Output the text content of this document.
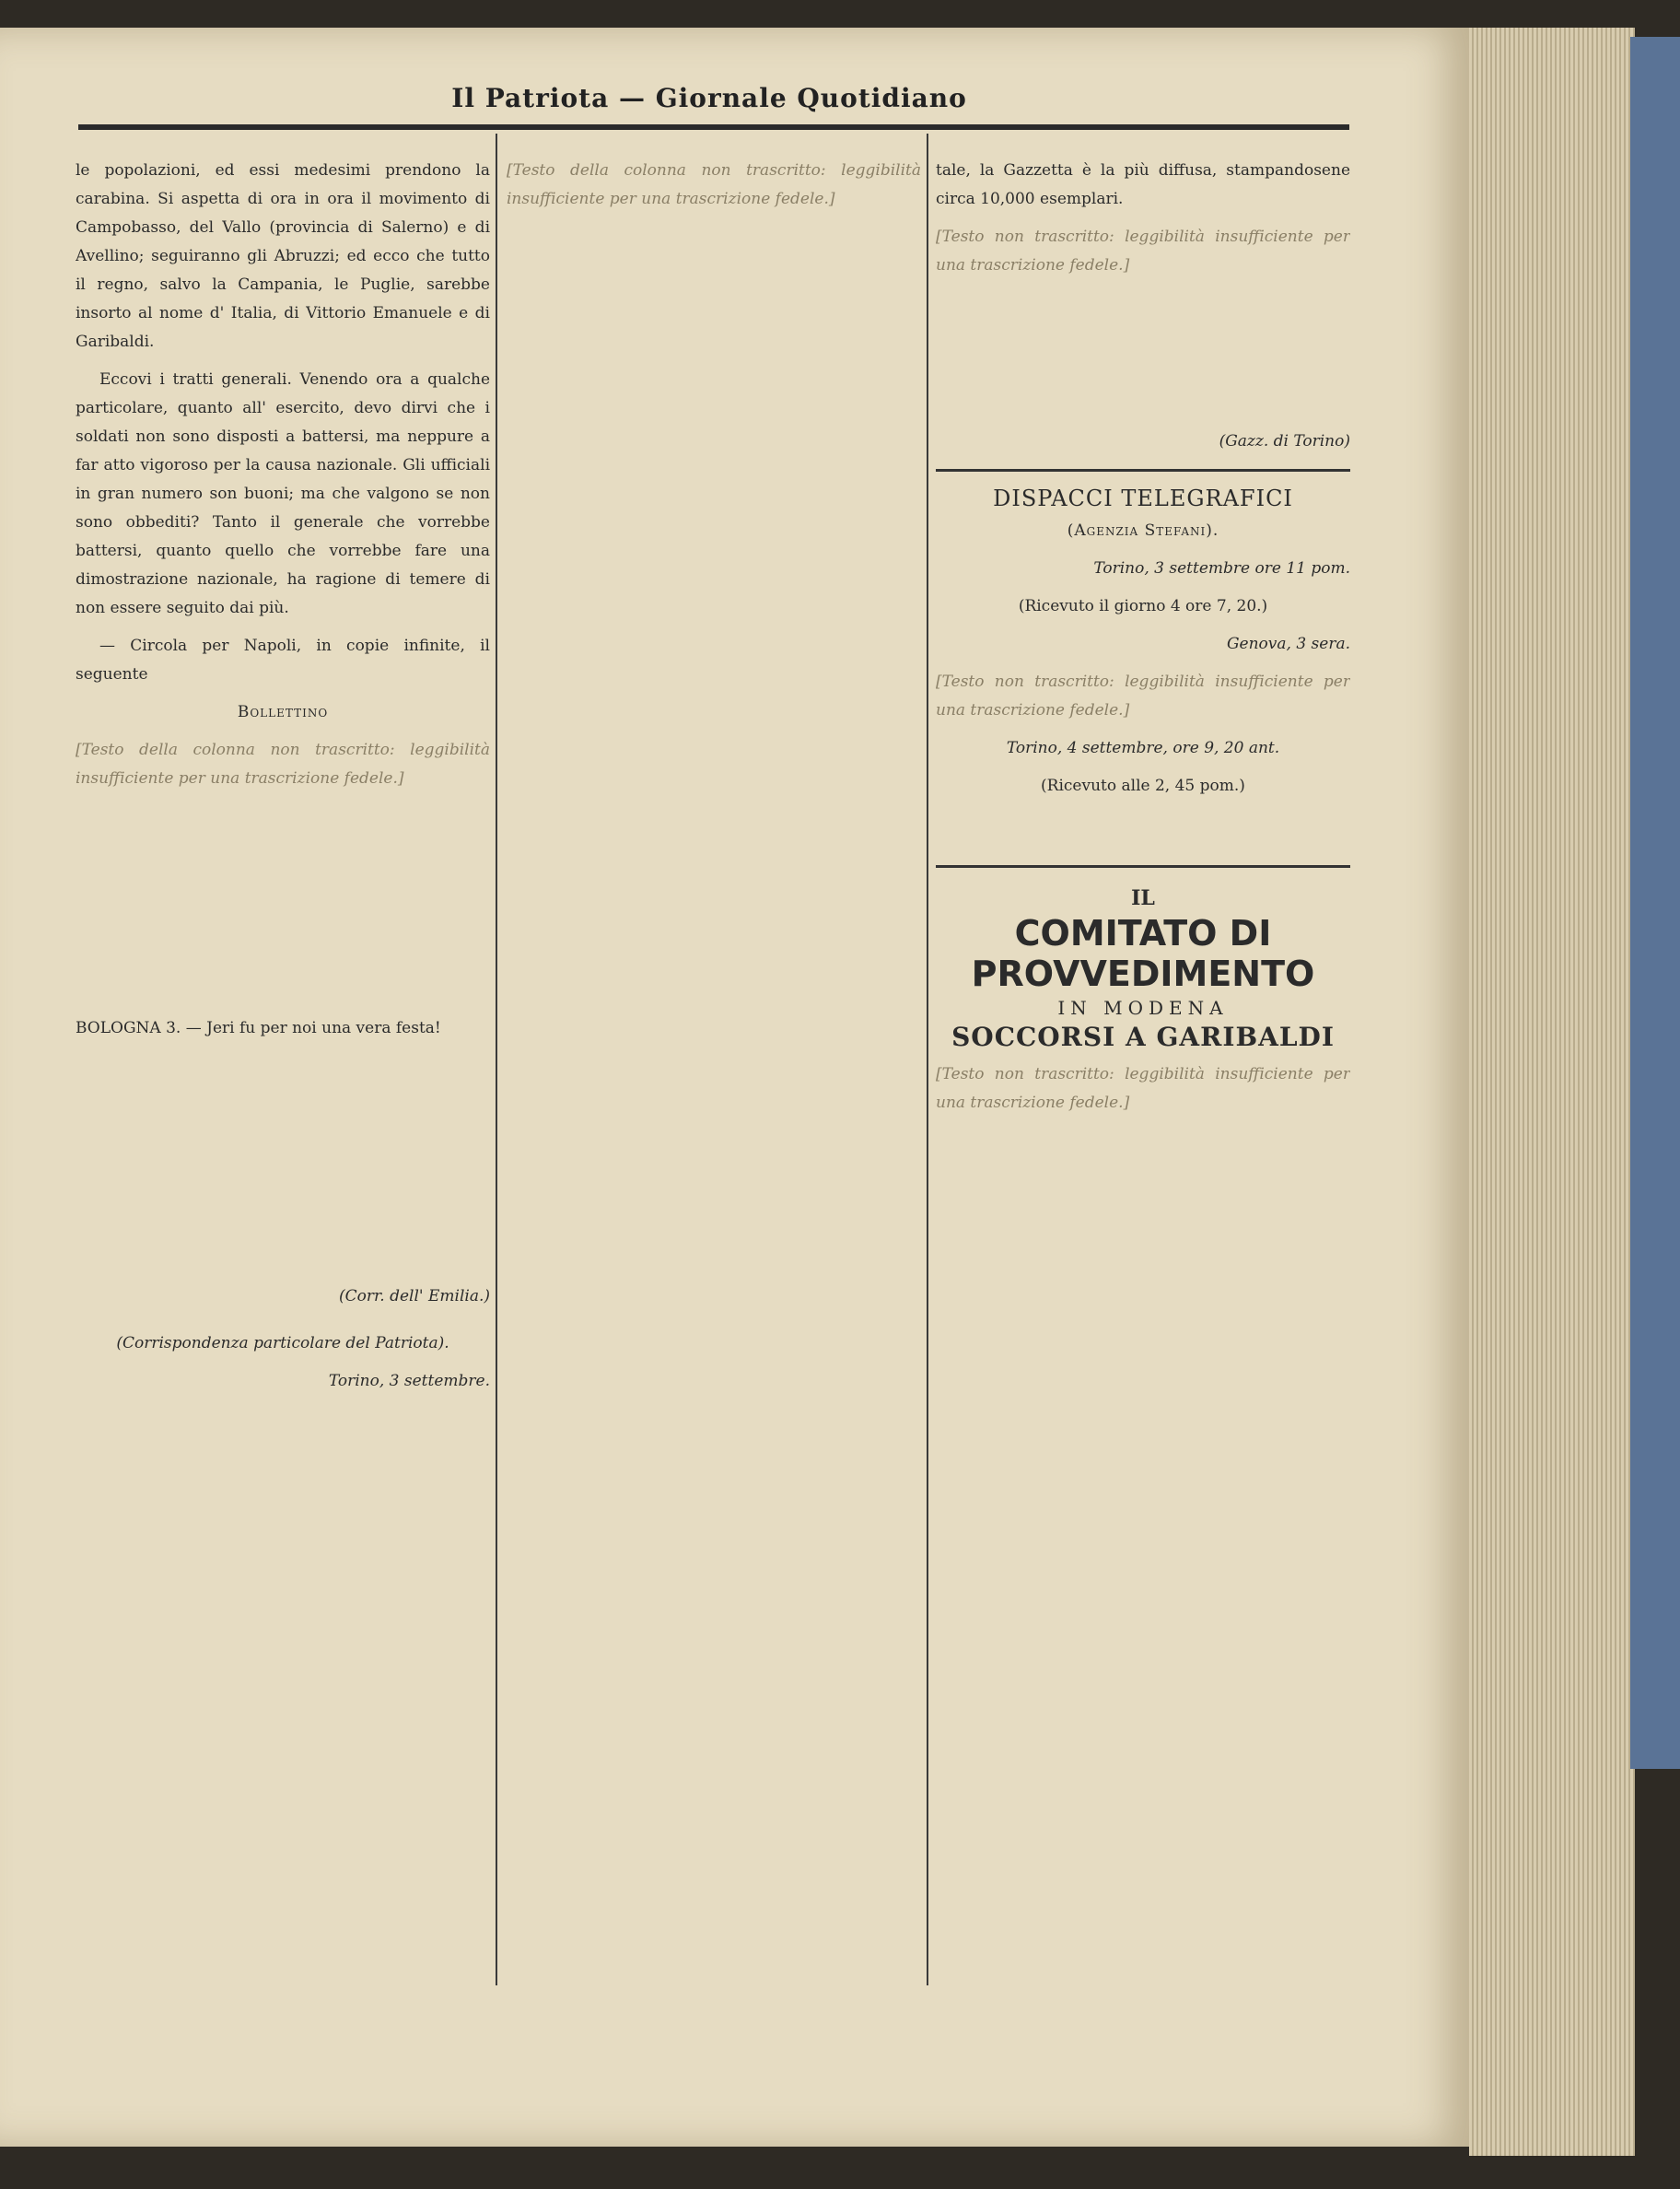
Il Patriota — Giornale Quotidiano

le popolazioni, ed essi medesimi prendono la carabina. Si aspetta di ora in ora il movimento di Campobasso, del Vallo (provincia di Salerno) e di Avellino; seguiranno gli Abruzzi; ed ecco che tutto il regno, salvo la Campania, le Puglie, sarebbe insorto al nome d' Italia, di Vittorio Emanuele e di Garibaldi.

Eccovi i tratti generali. Venendo ora a qualche particolare, quanto all' esercito, devo dirvi che i soldati non sono disposti a battersi, ma neppure a far atto vigoroso per la causa nazionale. Gli ufficiali in gran numero son buoni; ma che valgono se non sono obbediti? Tanto il generale che vorrebbe battersi, quanto quello che vorrebbe fare una dimostrazione nazionale, ha ragione di temere di non essere seguito dai più.

— Circola per Napoli, in copie infinite, il seguente

Bollettino

[Testo della colonna non trascritto: leggibilità insufficiente per una trascrizione fedele.]

BOLOGNA 3. — Jeri fu per noi una vera festa!

(Corr. dell' Emilia.)

(Corrispondenza particolare del Patriota).

Torino, 3 settembre.

[Testo della colonna non trascritto: leggibilità insufficiente per una trascrizione fedele.]

tale, la Gazzetta è la più diffusa, stampandosene circa 10,000 esemplari.

[Testo non trascritto: leggibilità insufficiente per una trascrizione fedele.]

(Gazz. di Torino)

DISPACCI TELEGRAFICI

(Agenzia Stefani).

Torino, 3 settembre ore 11 pom.

(Ricevuto il giorno 4 ore 7, 20.)

Genova, 3 sera.

[Testo non trascritto: leggibilità insufficiente per una trascrizione fedele.]

Torino, 4 settembre, ore 9, 20 ant.

(Ricevuto alle 2, 45 pom.)

IL
COMITATO DI PROVVEDIMENTO
IN MODENA
SOCCORSI A GARIBALDI

[Testo non trascritto: leggibilità insufficiente per una trascrizione fedele.]
